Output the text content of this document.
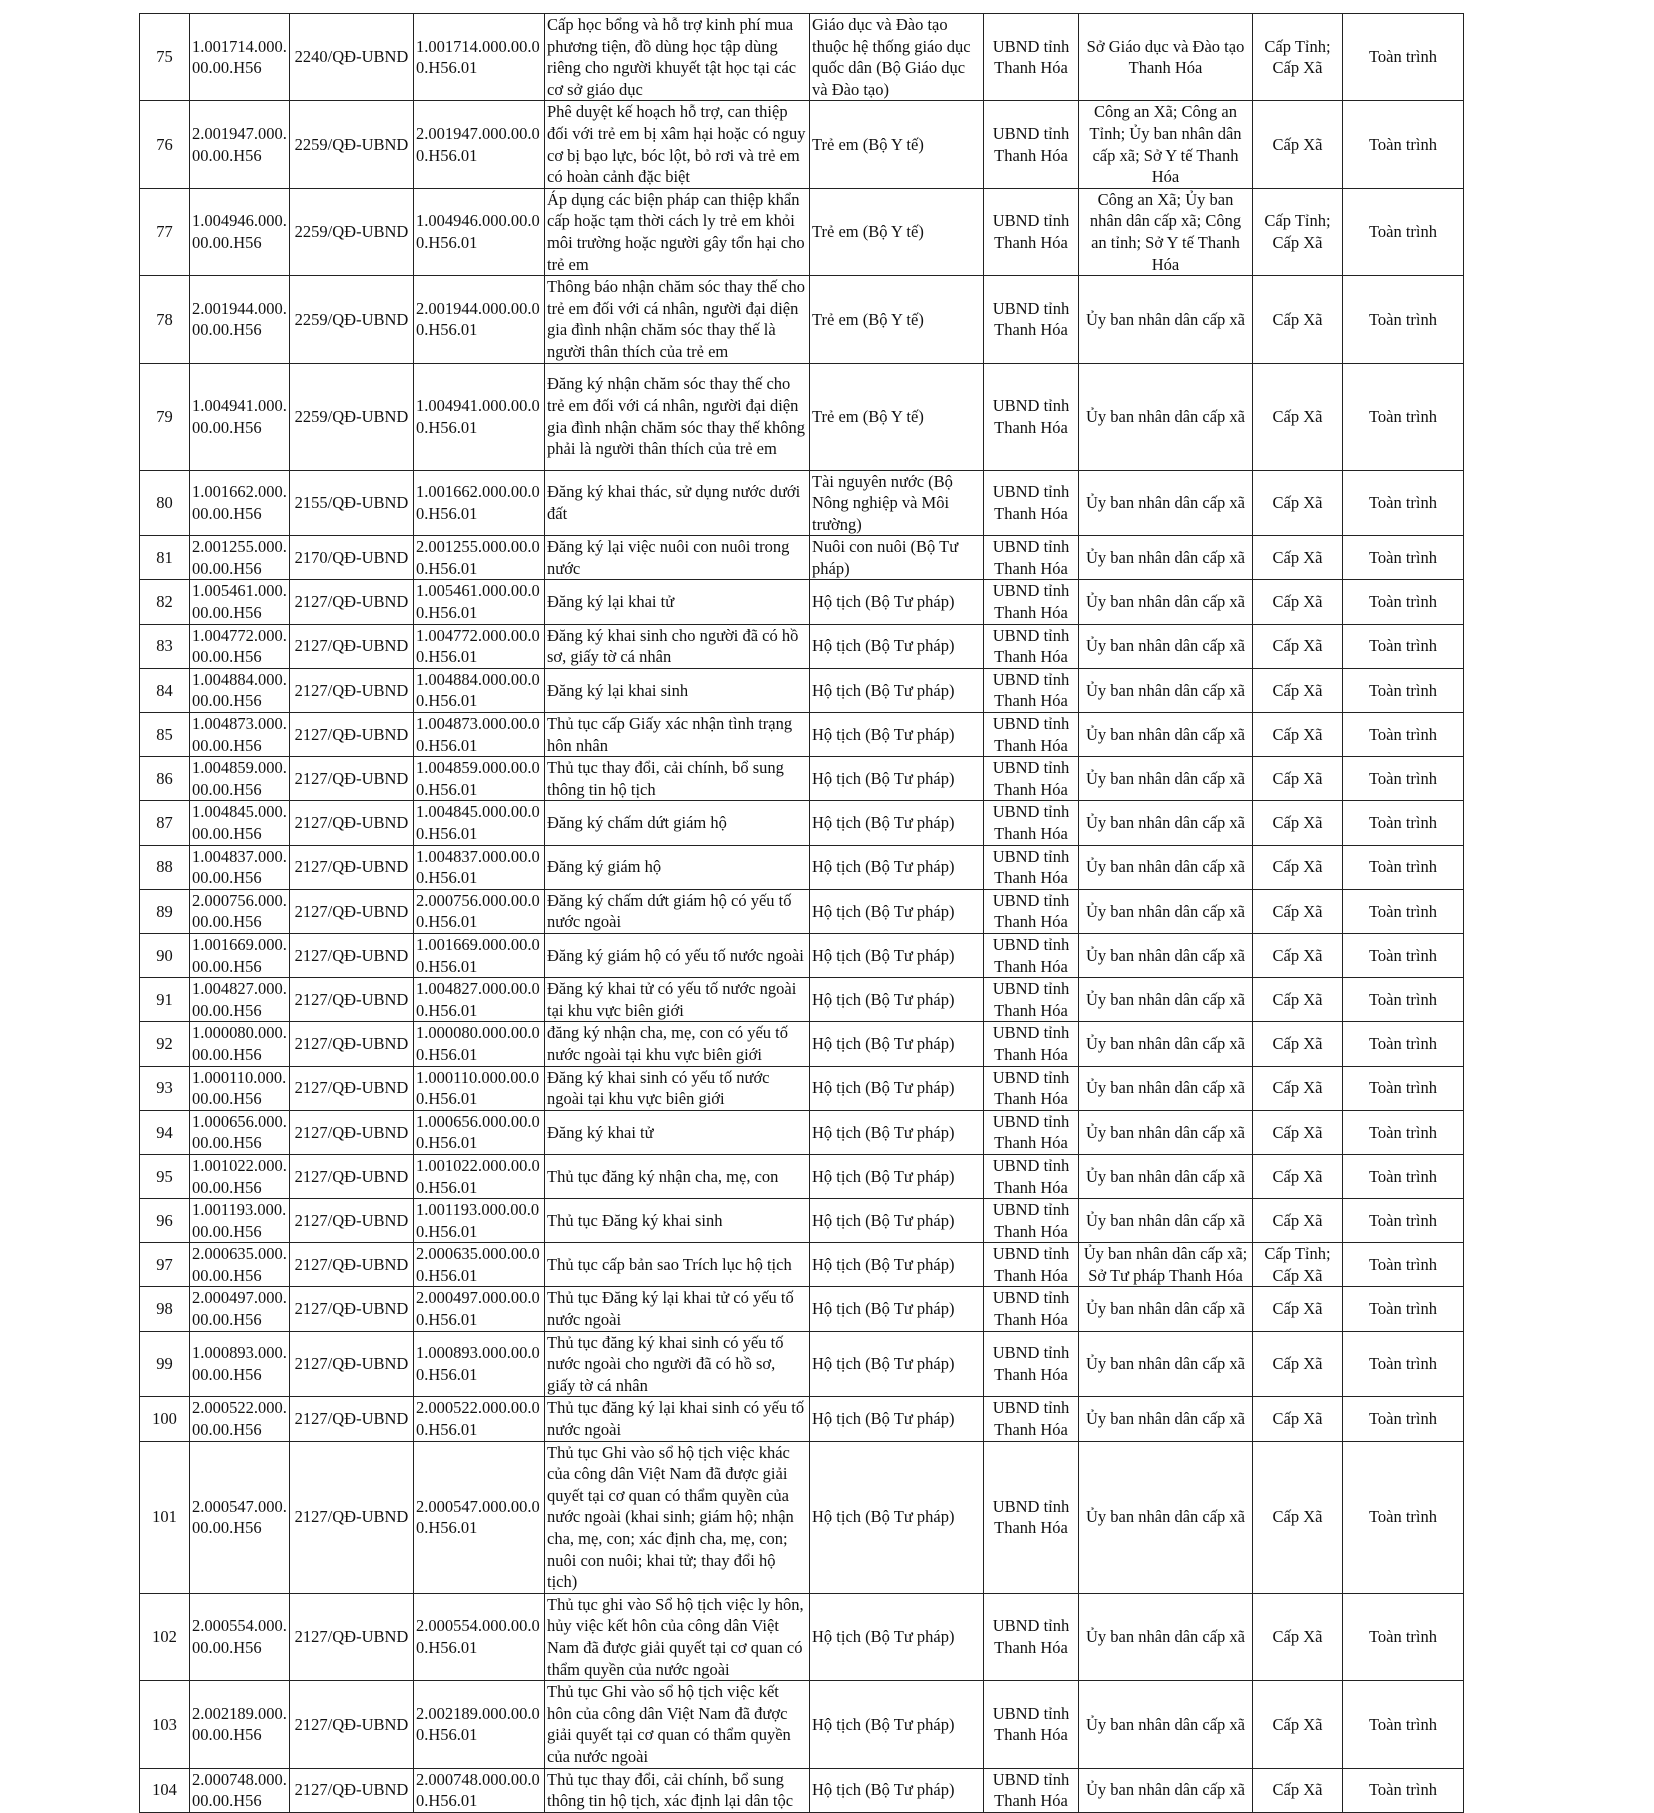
75	1.001714.000.00.00.H56	2240/QĐ-UBND	1.001714.000.00.00.H56.01	Cấp học bổng và hỗ trợ kinh phí mua phương tiện, đồ dùng học tập dùng riêng cho người khuyết tật học tại các cơ sở giáo dục	Giáo dục và Đào tạo thuộc hệ thống giáo dục quốc dân (Bộ Giáo dục và Đào tạo)	UBND tỉnh Thanh Hóa	Sở Giáo dục và Đào tạo Thanh Hóa	Cấp Tỉnh; Cấp Xã	Toàn trình
76	2.001947.000.00.00.H56	2259/QĐ-UBND	2.001947.000.00.00.H56.01	Phê duyệt kế hoạch hỗ trợ, can thiệp đối với trẻ em bị xâm hại hoặc có nguy cơ bị bạo lực, bóc lột, bỏ rơi và trẻ em có hoàn cảnh đặc biệt	Trẻ em (Bộ Y tế)	UBND tỉnh Thanh Hóa	Công an Xã; Công an Tỉnh; Ủy ban nhân dân cấp xã; Sở Y tế Thanh Hóa	Cấp Xã	Toàn trình
77	1.004946.000.00.00.H56	2259/QĐ-UBND	1.004946.000.00.00.H56.01	Áp dụng các biện pháp can thiệp khẩn cấp hoặc tạm thời cách ly trẻ em khỏi môi trường hoặc người gây tổn hại cho trẻ em	Trẻ em (Bộ Y tế)	UBND tỉnh Thanh Hóa	Công an Xã; Ủy ban nhân dân cấp xã; Công an tỉnh; Sở Y tế Thanh Hóa	Cấp Tỉnh; Cấp Xã	Toàn trình
78	2.001944.000.00.00.H56	2259/QĐ-UBND	2.001944.000.00.00.H56.01	Thông báo nhận chăm sóc thay thế cho trẻ em đối với cá nhân, người đại diện gia đình nhận chăm sóc thay thế là người thân thích của trẻ em	Trẻ em (Bộ Y tế)	UBND tỉnh Thanh Hóa	Ủy ban nhân dân cấp xã	Cấp Xã	Toàn trình
79	1.004941.000.00.00.H56	2259/QĐ-UBND	1.004941.000.00.00.H56.01	Đăng ký nhận chăm sóc thay thế cho trẻ em đối với cá nhân, người đại diện gia đình nhận chăm sóc thay thế không phải là người thân thích của trẻ em	Trẻ em (Bộ Y tế)	UBND tỉnh Thanh Hóa	Ủy ban nhân dân cấp xã	Cấp Xã	Toàn trình
80	1.001662.000.00.00.H56	2155/QĐ-UBND	1.001662.000.00.00.H56.01	Đăng ký khai thác, sử dụng nước dưới đất	Tài nguyên nước (Bộ Nông nghiệp và Môi trường)	UBND tỉnh Thanh Hóa	Ủy ban nhân dân cấp xã	Cấp Xã	Toàn trình
81	2.001255.000.00.00.H56	2170/QĐ-UBND	2.001255.000.00.00.H56.01	Đăng ký lại việc nuôi con nuôi trong nước	Nuôi con nuôi (Bộ Tư pháp)	UBND tỉnh Thanh Hóa	Ủy ban nhân dân cấp xã	Cấp Xã	Toàn trình
82	1.005461.000.00.00.H56	2127/QĐ-UBND	1.005461.000.00.00.H56.01	Đăng ký lại khai tử	Hộ tịch (Bộ Tư pháp)	UBND tỉnh Thanh Hóa	Ủy ban nhân dân cấp xã	Cấp Xã	Toàn trình
83	1.004772.000.00.00.H56	2127/QĐ-UBND	1.004772.000.00.00.H56.01	Đăng ký khai sinh cho người đã có hồ sơ, giấy tờ cá nhân	Hộ tịch (Bộ Tư pháp)	UBND tỉnh Thanh Hóa	Ủy ban nhân dân cấp xã	Cấp Xã	Toàn trình
84	1.004884.000.00.00.H56	2127/QĐ-UBND	1.004884.000.00.00.H56.01	Đăng ký lại khai sinh	Hộ tịch (Bộ Tư pháp)	UBND tỉnh Thanh Hóa	Ủy ban nhân dân cấp xã	Cấp Xã	Toàn trình
85	1.004873.000.00.00.H56	2127/QĐ-UBND	1.004873.000.00.00.H56.01	Thủ tục cấp Giấy xác nhận tình trạng hôn nhân	Hộ tịch (Bộ Tư pháp)	UBND tỉnh Thanh Hóa	Ủy ban nhân dân cấp xã	Cấp Xã	Toàn trình
86	1.004859.000.00.00.H56	2127/QĐ-UBND	1.004859.000.00.00.H56.01	Thủ tục thay đổi, cải chính, bổ sung thông tin hộ tịch	Hộ tịch (Bộ Tư pháp)	UBND tỉnh Thanh Hóa	Ủy ban nhân dân cấp xã	Cấp Xã	Toàn trình
87	1.004845.000.00.00.H56	2127/QĐ-UBND	1.004845.000.00.00.H56.01	Đăng ký chấm dứt giám hộ	Hộ tịch (Bộ Tư pháp)	UBND tỉnh Thanh Hóa	Ủy ban nhân dân cấp xã	Cấp Xã	Toàn trình
88	1.004837.000.00.00.H56	2127/QĐ-UBND	1.004837.000.00.00.H56.01	Đăng ký giám hộ	Hộ tịch (Bộ Tư pháp)	UBND tỉnh Thanh Hóa	Ủy ban nhân dân cấp xã	Cấp Xã	Toàn trình
89	2.000756.000.00.00.H56	2127/QĐ-UBND	2.000756.000.00.00.H56.01	Đăng ký chấm dứt giám hộ có yếu tố nước ngoài	Hộ tịch (Bộ Tư pháp)	UBND tỉnh Thanh Hóa	Ủy ban nhân dân cấp xã	Cấp Xã	Toàn trình
90	1.001669.000.00.00.H56	2127/QĐ-UBND	1.001669.000.00.00.H56.01	Đăng ký giám hộ có yếu tố nước ngoài	Hộ tịch (Bộ Tư pháp)	UBND tỉnh Thanh Hóa	Ủy ban nhân dân cấp xã	Cấp Xã	Toàn trình
91	1.004827.000.00.00.H56	2127/QĐ-UBND	1.004827.000.00.00.H56.01	Đăng ký khai tử có yếu tố nước ngoài tại khu vực biên giới	Hộ tịch (Bộ Tư pháp)	UBND tỉnh Thanh Hóa	Ủy ban nhân dân cấp xã	Cấp Xã	Toàn trình
92	1.000080.000.00.00.H56	2127/QĐ-UBND	1.000080.000.00.00.H56.01	đăng ký nhận cha, mẹ, con có yếu tố nước ngoài tại khu vực biên giới	Hộ tịch (Bộ Tư pháp)	UBND tỉnh Thanh Hóa	Ủy ban nhân dân cấp xã	Cấp Xã	Toàn trình
93	1.000110.000.00.00.H56	2127/QĐ-UBND	1.000110.000.00.00.H56.01	Đăng ký khai sinh có yếu tố nước ngoài tại khu vực biên giới	Hộ tịch (Bộ Tư pháp)	UBND tỉnh Thanh Hóa	Ủy ban nhân dân cấp xã	Cấp Xã	Toàn trình
94	1.000656.000.00.00.H56	2127/QĐ-UBND	1.000656.000.00.00.H56.01	Đăng ký khai tử	Hộ tịch (Bộ Tư pháp)	UBND tỉnh Thanh Hóa	Ủy ban nhân dân cấp xã	Cấp Xã	Toàn trình
95	1.001022.000.00.00.H56	2127/QĐ-UBND	1.001022.000.00.00.H56.01	Thủ tục đăng ký nhận cha, mẹ, con	Hộ tịch (Bộ Tư pháp)	UBND tỉnh Thanh Hóa	Ủy ban nhân dân cấp xã	Cấp Xã	Toàn trình
96	1.001193.000.00.00.H56	2127/QĐ-UBND	1.001193.000.00.00.H56.01	Thủ tục Đăng ký khai sinh	Hộ tịch (Bộ Tư pháp)	UBND tỉnh Thanh Hóa	Ủy ban nhân dân cấp xã	Cấp Xã	Toàn trình
97	2.000635.000.00.00.H56	2127/QĐ-UBND	2.000635.000.00.00.H56.01	Thủ tục cấp bản sao Trích lục hộ tịch	Hộ tịch (Bộ Tư pháp)	UBND tỉnh Thanh Hóa	Ủy ban nhân dân cấp xã; Sở Tư pháp Thanh Hóa	Cấp Tỉnh; Cấp Xã	Toàn trình
98	2.000497.000.00.00.H56	2127/QĐ-UBND	2.000497.000.00.00.H56.01	Thủ tục Đăng ký lại khai tử có yếu tố nước ngoài	Hộ tịch (Bộ Tư pháp)	UBND tỉnh Thanh Hóa	Ủy ban nhân dân cấp xã	Cấp Xã	Toàn trình
99	1.000893.000.00.00.H56	2127/QĐ-UBND	1.000893.000.00.00.H56.01	Thủ tục đăng ký khai sinh có yếu tố nước ngoài cho người đã có hồ sơ, giấy tờ cá nhân	Hộ tịch (Bộ Tư pháp)	UBND tỉnh Thanh Hóa	Ủy ban nhân dân cấp xã	Cấp Xã	Toàn trình
100	2.000522.000.00.00.H56	2127/QĐ-UBND	2.000522.000.00.00.H56.01	Thủ tục đăng ký lại khai sinh có yếu tố nước ngoài	Hộ tịch (Bộ Tư pháp)	UBND tỉnh Thanh Hóa	Ủy ban nhân dân cấp xã	Cấp Xã	Toàn trình
101	2.000547.000.00.00.H56	2127/QĐ-UBND	2.000547.000.00.00.H56.01	Thủ tục Ghi vào sổ hộ tịch việc khác của công dân Việt Nam đã được giải quyết tại cơ quan có thẩm quyền của nước ngoài (khai sinh; giám hộ; nhận cha, mẹ, con; xác định cha, mẹ, con; nuôi con nuôi; khai tử; thay đổi hộ tịch)	Hộ tịch (Bộ Tư pháp)	UBND tỉnh Thanh Hóa	Ủy ban nhân dân cấp xã	Cấp Xã	Toàn trình
102	2.000554.000.00.00.H56	2127/QĐ-UBND	2.000554.000.00.00.H56.01	Thủ tục ghi vào Sổ hộ tịch việc ly hôn, hủy việc kết hôn của công dân Việt Nam đã được giải quyết tại cơ quan có thẩm quyền của nước ngoài	Hộ tịch (Bộ Tư pháp)	UBND tỉnh Thanh Hóa	Ủy ban nhân dân cấp xã	Cấp Xã	Toàn trình
103	2.002189.000.00.00.H56	2127/QĐ-UBND	2.002189.000.00.00.H56.01	Thủ tục Ghi vào sổ hộ tịch việc kết hôn của công dân Việt Nam đã được giải quyết tại cơ quan có thẩm quyền của nước ngoài	Hộ tịch (Bộ Tư pháp)	UBND tỉnh Thanh Hóa	Ủy ban nhân dân cấp xã	Cấp Xã	Toàn trình
104	2.000748.000.00.00.H56	2127/QĐ-UBND	2.000748.000.00.00.H56.01	Thủ tục thay đổi, cải chính, bổ sung thông tin hộ tịch, xác định lại dân tộc	Hộ tịch (Bộ Tư pháp)	UBND tỉnh Thanh Hóa	Ủy ban nhân dân cấp xã	Cấp Xã	Toàn trình
